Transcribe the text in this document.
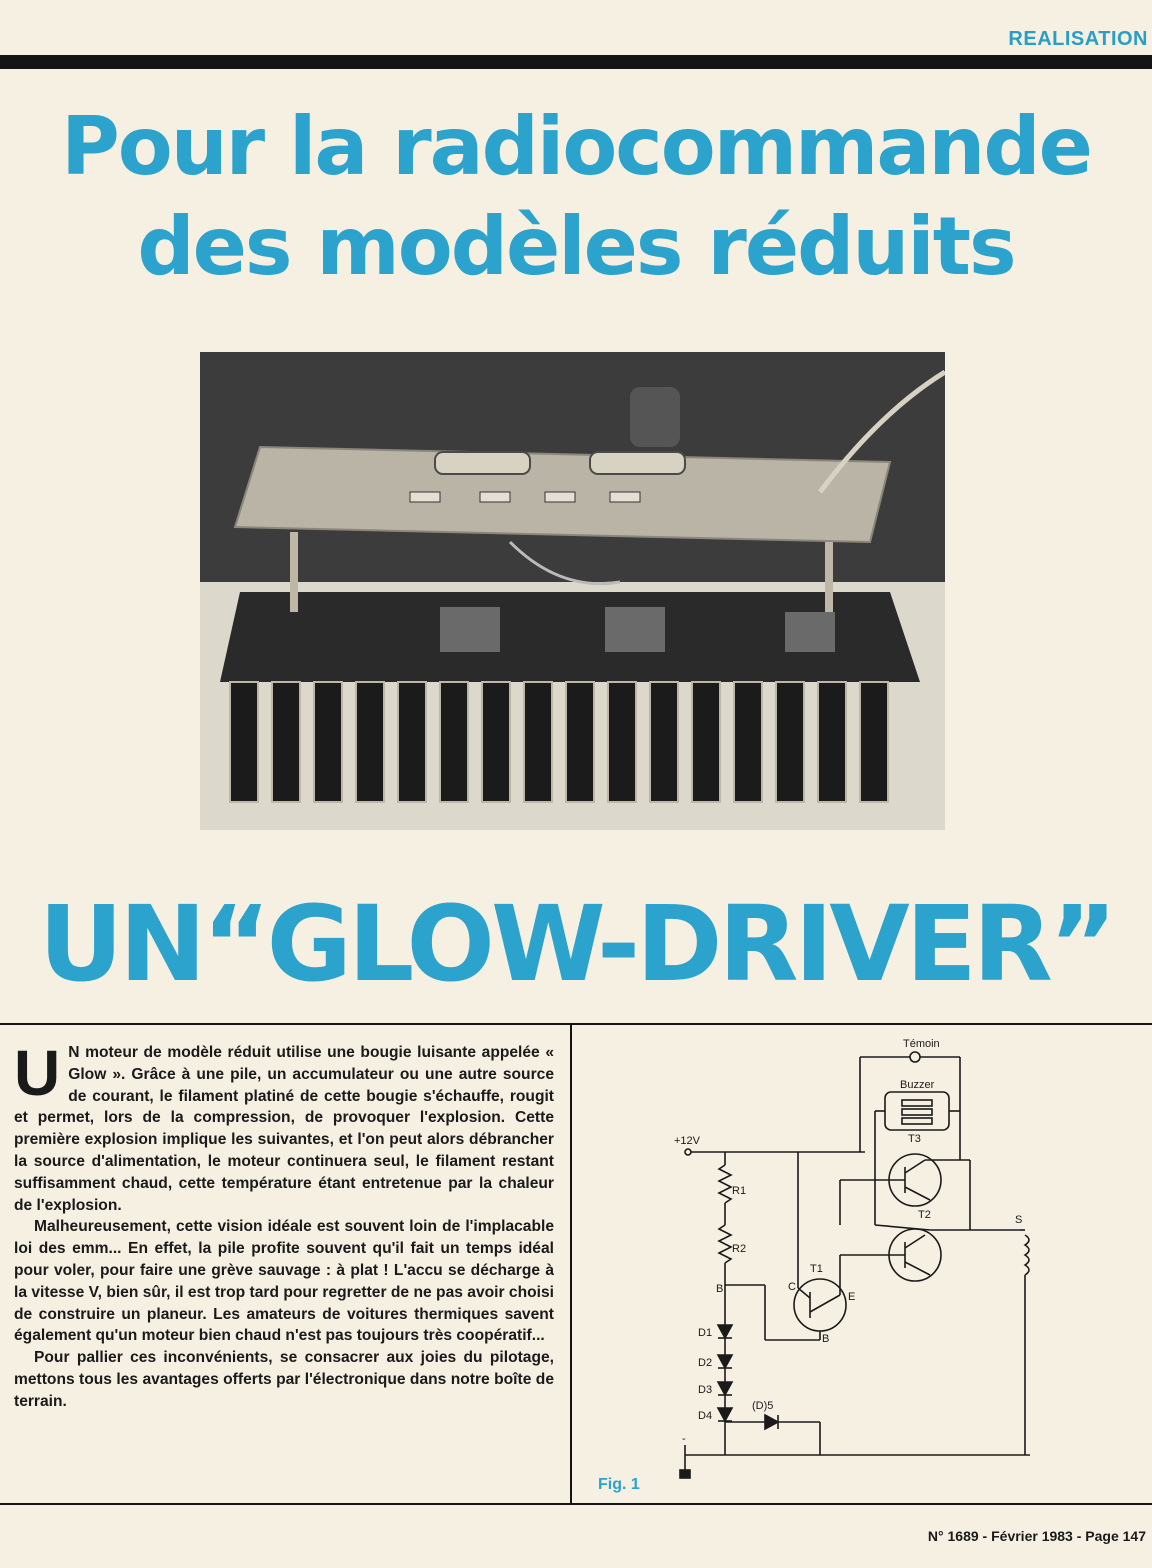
REALISATION
Pour la radiocommande
des modèles réduits
UN“GLOW-DRIVER”

U N moteur de modèle réduit utilise une bougie luisante appelée « Glow ». Grâce à une pile, un accumulateur ou une autre source de courant, le filament platiné de cette bougie s'échauffe, rougit et permet, lors de la compression, de provoquer l'explosion. Cette première explosion implique les suivantes, et l'on peut alors débrancher la source d'alimentation, le moteur continuera seul, le filament restant suffisamment chaud, cette température étant entretenue par la chaleur de l'explosion.

Malheureusement, cette vision idéale est souvent loin de l'implacable loi des emm... En effet, la pile profite souvent qu'il fait un temps idéal pour voler, pour faire une grève sauvage : à plat ! L'accu se décharge à la vitesse V, bien sûr, il est trop tard pour regretter de ne pas avoir choisi de construire un planeur. Les amateurs de voitures thermiques savent également qu'un moteur bien chaud n'est pas toujours très coopératif...

Pour pallier ces inconvénients, se consacrer aux joies du pilotage, mettons tous les avantages offerts par l'électronique dans notre boîte de terrain.

Témoin
Buzzer
T3
+12V
R1
R2
T2	S
T1
C
E
B
B
D1
D2
D3
D4
(D)5
-
Fig. 1
N° 1689 - Février 1983 - Page 147
